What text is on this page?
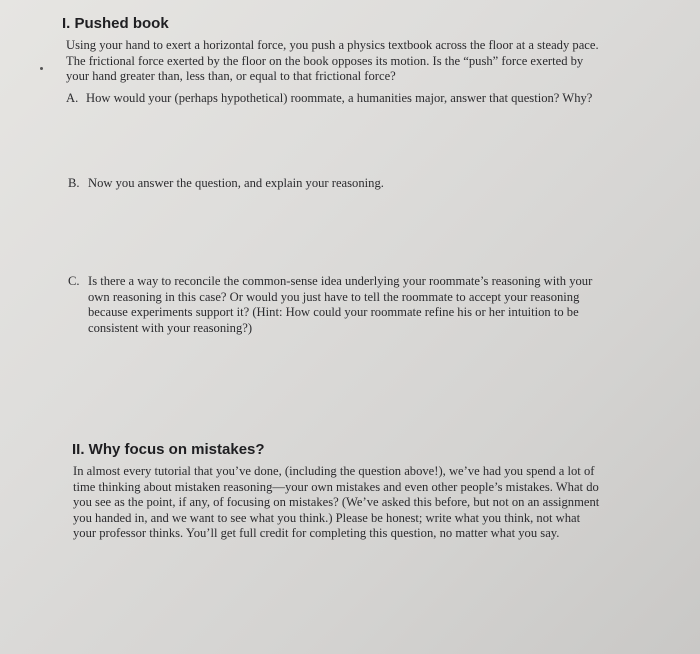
I. Pushed book
Using your hand to exert a horizontal force, you push a physics textbook across the floor at a steady pace.
The frictional force exerted by the floor on the book opposes its motion. Is the “push” force exerted by
your hand greater than, less than, or equal to that frictional force?
A. How would your (perhaps hypothetical) roommate, a humanities major, answer that question? Why?
B. Now you answer the question, and explain your reasoning.
C. Is there a way to reconcile the common-sense idea underlying your roommate’s reasoning with your
own reasoning in this case? Or would you just have to tell the roommate to accept your reasoning
because experiments support it? (Hint: How could your roommate refine his or her intuition to be
consistent with your reasoning?)
II. Why focus on mistakes?
In almost every tutorial that you’ve done, (including the question above!), we’ve had you spend a lot of
time thinking about mistaken reasoning—your own mistakes and even other people’s mistakes. What do
you see as the point, if any, of focusing on mistakes? (We’ve asked this before, but not on an assignment
you handed in, and we want to see what you think.) Please be honest; write what you think, not what
your professor thinks. You’ll get full credit for completing this question, no matter what you say.
